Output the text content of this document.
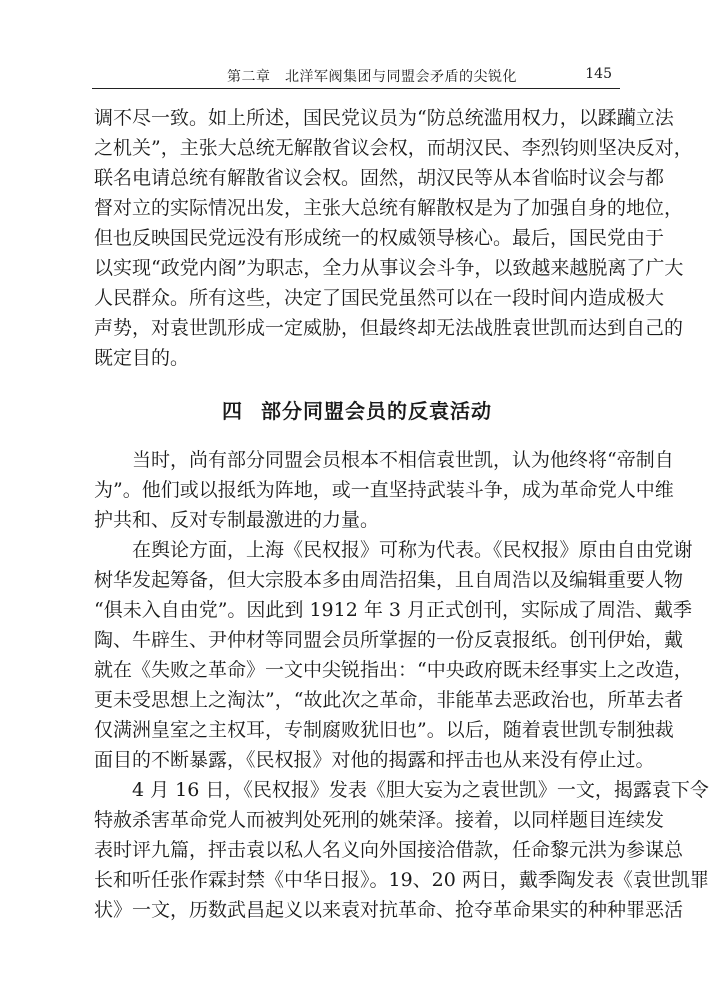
第二章　北洋军阀集团与同盟会矛盾的尖锐化	145
调不尽一致。如上所述，国民党议员为“防总统滥用权力，以蹂躏立法
之机关”，主张大总统无解散省议会权，而胡汉民、李烈钧则坚决反对，
联名电请总统有解散省议会权。固然，胡汉民等从本省临时议会与都
督对立的实际情况出发，主张大总统有解散权是为了加强自身的地位，
但也反映国民党远没有形成统一的权威领导核心。最后，国民党由于
以实现“政党内阁”为职志，全力从事议会斗争，以致越来越脱离了广大
人民群众。所有这些，决定了国民党虽然可以在一段时间内造成极大
声势，对袁世凯形成一定威胁，但最终却无法战胜袁世凯而达到自己的
既定目的。
四 部分同盟会员的反袁活动
　　当时，尚有部分同盟会员根本不相信袁世凯，认为他终将“帝制自
为”。他们或以报纸为阵地，或一直坚持武装斗争，成为革命党人中维
护共和、反对专制最激进的力量。
　　在舆论方面，上海《民权报》可称为代表。《民权报》原由自由党谢
树华发起筹备，但大宗股本多由周浩招集，且自周浩以及编辑重要人物
“俱未入自由党”。因此到 1912 年 3 月正式创刊，实际成了周浩、戴季
陶、牛辟生、尹仲材等同盟会员所掌握的一份反袁报纸。创刊伊始，戴
就在《失败之革命》一文中尖锐指出：“中央政府既未经事实上之改造，
更未受思想上之淘汰”，“故此次之革命，非能革去恶政治也，所革去者
仅满洲皇室之主权耳，专制腐败犹旧也”。以后，随着袁世凯专制独裁
面目的不断暴露，《民权报》对他的揭露和抨击也从来没有停止过。
　　4 月 16 日，《民权报》发表《胆大妄为之袁世凯》一文，揭露袁下令
特赦杀害革命党人而被判处死刑的姚荣泽。接着，以同样题目连续发
表时评九篇，抨击袁以私人名义向外国接洽借款，任命黎元洪为参谋总
长和听任张作霖封禁《中华日报》。19、20 两日，戴季陶发表《袁世凯罪
状》一文，历数武昌起义以来袁对抗革命、抢夺革命果实的种种罪恶活
